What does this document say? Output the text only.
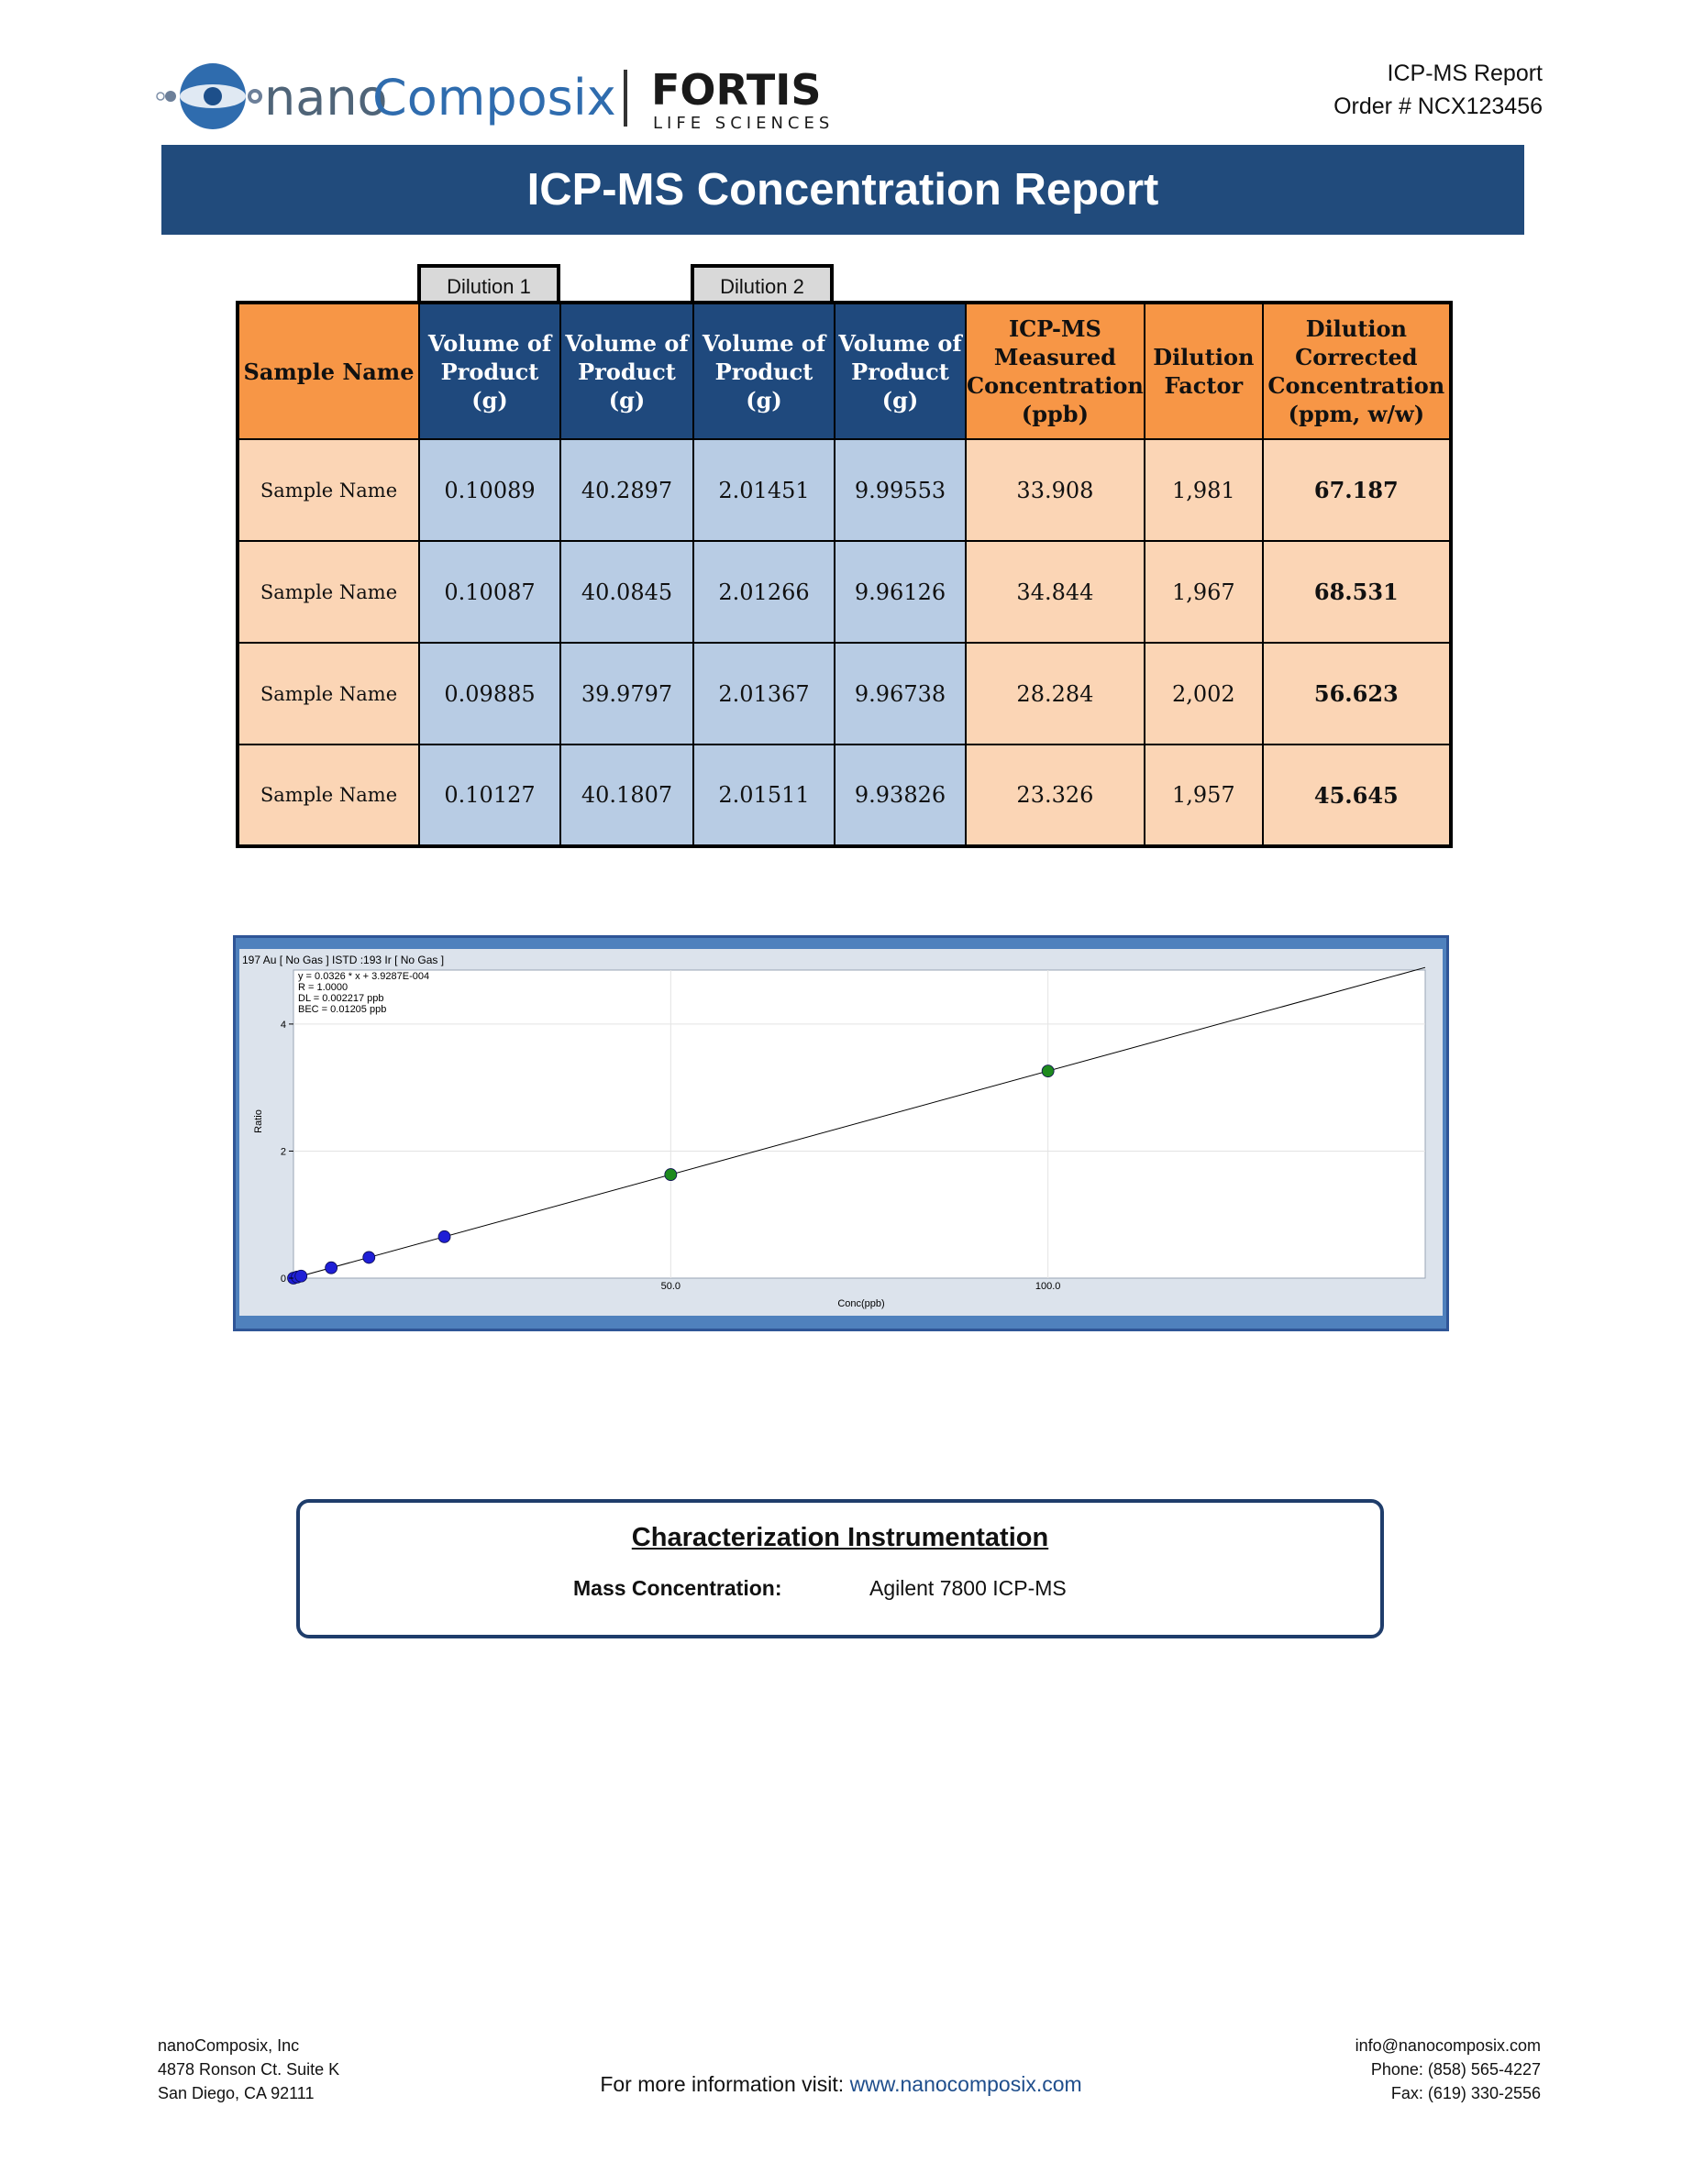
nano
Composix FORTIS
LIFE SCIENCES
ICP-MS Report
Order # NCX123456
ICP-MS Concentration Report
Dilution 1	Dilution 2
Sample Name	Volume of Product (g)	Volume of Product (g)	Volume of Product (g)	Volume of Product (g)	ICP-MS Measured Concentration (ppb)	Dilution Factor	Dilution Corrected Concentration (ppm, w/w)
Sample Name	0.10089	40.2897	2.01451	9.99553	33.908	1,981	67.187
Sample Name	0.10087	40.0845	2.01266	9.96126	34.844	1,967	68.531
Sample Name	0.09885	39.9797	2.01367	9.96738	28.284	2,002	56.623
Sample Name	0.10127	40.1807	2.01511	9.93826	23.326	1,957	45.645
197 Au [ No Gas ] ISTD :193 Ir [ No Gas ]
y = 0.0326 * x + 3.9287E-004
R = 1.0000
DL = 0.002217 ppb
BEC = 0.01205 ppb
50.0	100.0
0
2
4
Conc(ppb)
Ratio
Characterization Instrumentation
Mass Concentration:	Agilent 7800 ICP-MS
nanoComposix, Inc
4878 Ronson Ct. Suite K
San Diego, CA 92111	For more information visit: www.nanocomposix.com
info@nanocomposix.com
Phone: (858) 565-4227
Fax: (619) 330-2556
